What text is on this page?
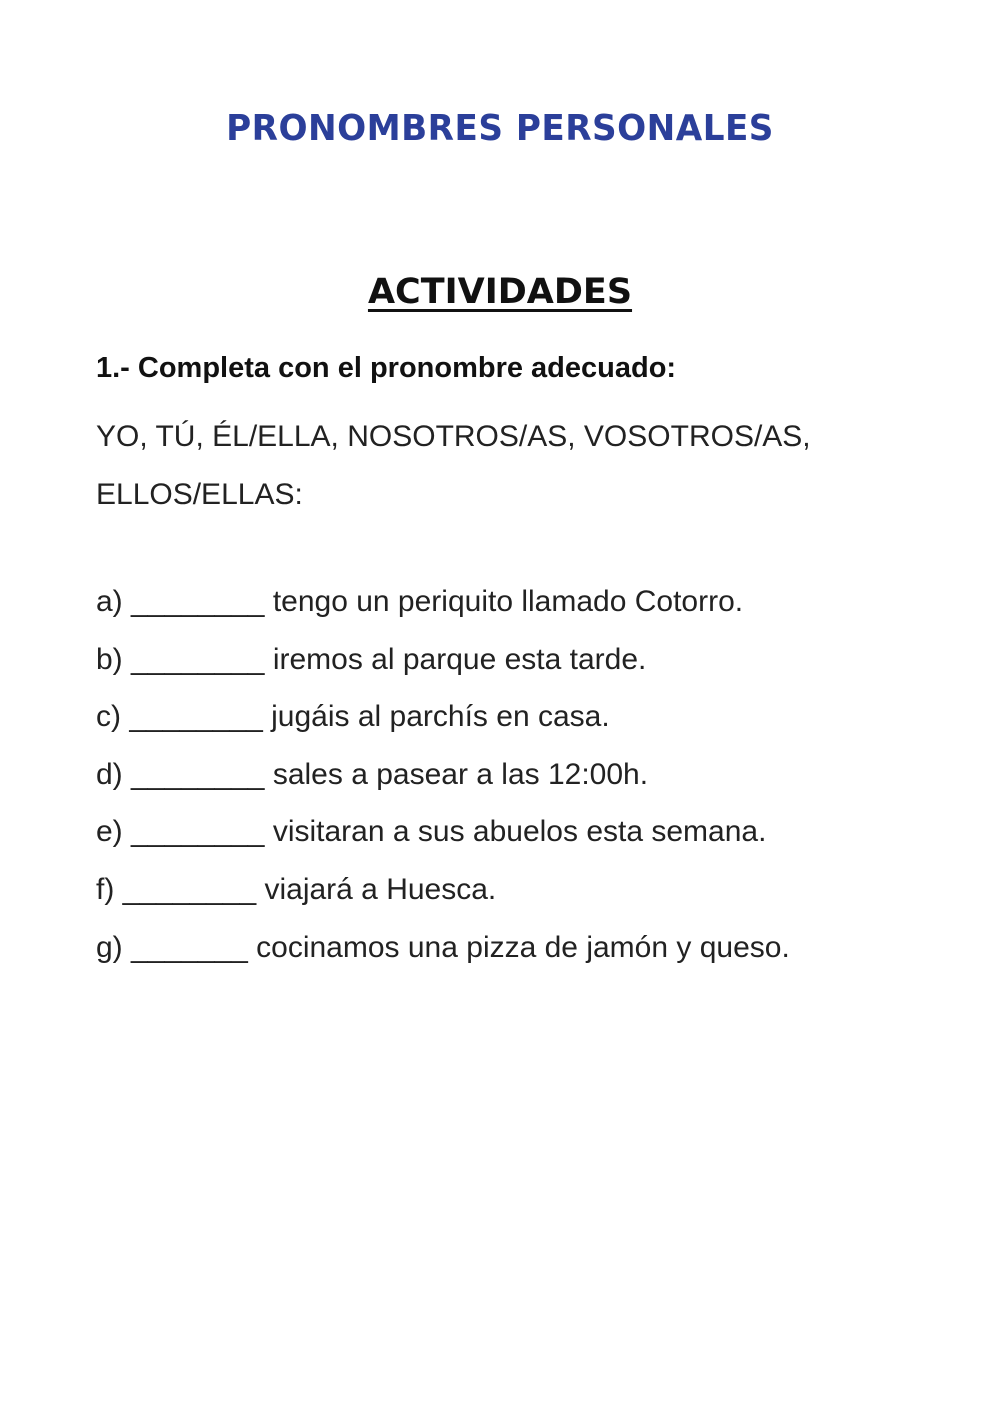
PRONOMBRES PERSONALES
ACTIVIDADES
1.- Completa con el pronombre adecuado:
YO, TÚ, ÉL/ELLA, NOSOTROS/AS, VOSOTROS/AS, ELLOS/ELLAS:
a) ________ tengo un periquito llamado Cotorro.
b) ________ iremos al parque esta tarde.
c) ________ jugáis al parchís en casa.
d) ________ sales a pasear a las 12:00h.
e) ________ visitaran a sus abuelos esta semana.
f) ________ viajará a Huesca.
g) _______ cocinamos una pizza de jamón y queso.
